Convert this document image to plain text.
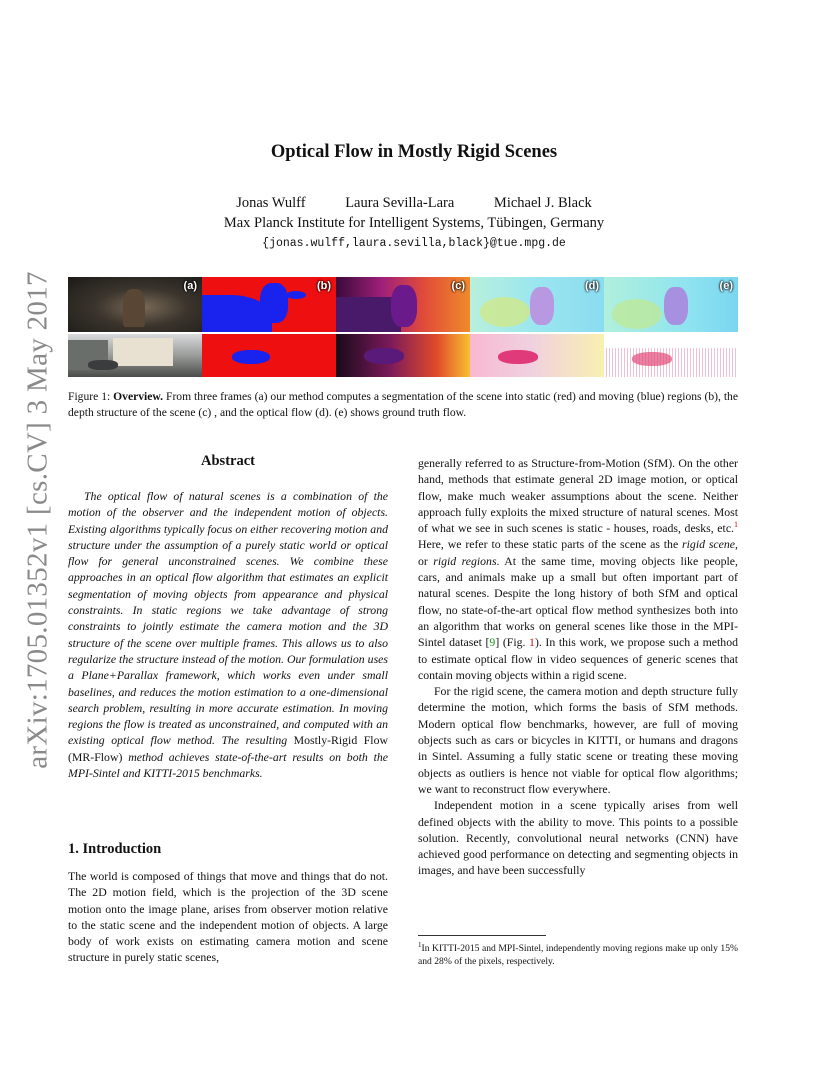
arXiv:1705.01352v1 [cs.CV] 3 May 2017
Optical Flow in Mostly Rigid Scenes
Jonas Wulff	Laura Sevilla-Lara	Michael J. Black
Max Planck Institute for Intelligent Systems, Tübingen, Germany
{jonas.wulff,laura.sevilla,black}@tue.mpg.de
(a)	(b)	(c)	(d)	(e)
Figure 1: Overview. From three frames (a) our method computes a segmentation of the scene into static (red) and moving (blue) regions (b), the depth structure of the scene (c) , and the optical flow (d). (e) shows ground truth flow.
Abstract
The optical flow of natural scenes is a combination of the motion of the observer and the independent motion of objects. Existing algorithms typically focus on either recovering motion and structure under the assumption of a purely static world or optical flow for general unconstrained scenes. We combine these approaches in an optical flow algorithm that estimates an explicit segmentation of moving objects from appearance and physical constraints. In static regions we take advantage of strong constraints to jointly estimate the camera motion and the 3D structure of the scene over multiple frames. This allows us to also regularize the structure instead of the motion. Our formulation uses a Plane+Parallax framework, which works even under small baselines, and reduces the motion estimation to a one-dimensional search problem, resulting in more accurate estimation. In moving regions the flow is treated as unconstrained, and computed with an existing optical flow method. The resulting Mostly-Rigid Flow (MR-Flow) method achieves state-of-the-art results on both the MPI-Sintel and KITTI-2015 benchmarks.
1. Introduction
The world is composed of things that move and things that do not. The 2D motion field, which is the projection of the 3D scene motion onto the image plane, arises from observer motion relative to the static scene and the independent motion of objects. A large body of work exists on estimating camera motion and scene structure in purely static scenes,
generally referred to as Structure-from-Motion (SfM). On the other hand, methods that estimate general 2D image motion, or optical flow, make much weaker assumptions about the scene. Neither approach fully exploits the mixed structure of natural scenes. Most of what we see in such scenes is static - houses, roads, desks, etc.$^1$ Here, we refer to these static parts of the scene as the rigid scene, or rigid regions. At the same time, moving objects like people, cars, and animals make up a small but often important part of natural scenes. Despite the long history of both SfM and optical flow, no state-of-the-art optical flow method synthesizes both into an algorithm that works on general scenes like those in the MPI-Sintel dataset [9] (Fig. 1). In this work, we propose such a method to estimate optical flow in video sequences of generic scenes that contain moving objects within a rigid scene.
For the rigid scene, the camera motion and depth structure fully determine the motion, which forms the basis of SfM methods. Modern optical flow benchmarks, however, are full of moving objects such as cars or bicycles in KITTI, or humans and dragons in Sintel. Assuming a fully static scene or treating these moving objects as outliers is hence not viable for optical flow algorithms; we want to reconstruct flow everywhere.
Independent motion in a scene typically arises from well defined objects with the ability to move. This points to a possible solution. Recently, convolutional neural networks (CNN) have achieved good performance on detecting and segmenting objects in images, and have been successfully
$^1$In KITTI-2015 and MPI-Sintel, independently moving regions make up only 15% and 28% of the pixels, respectively.
